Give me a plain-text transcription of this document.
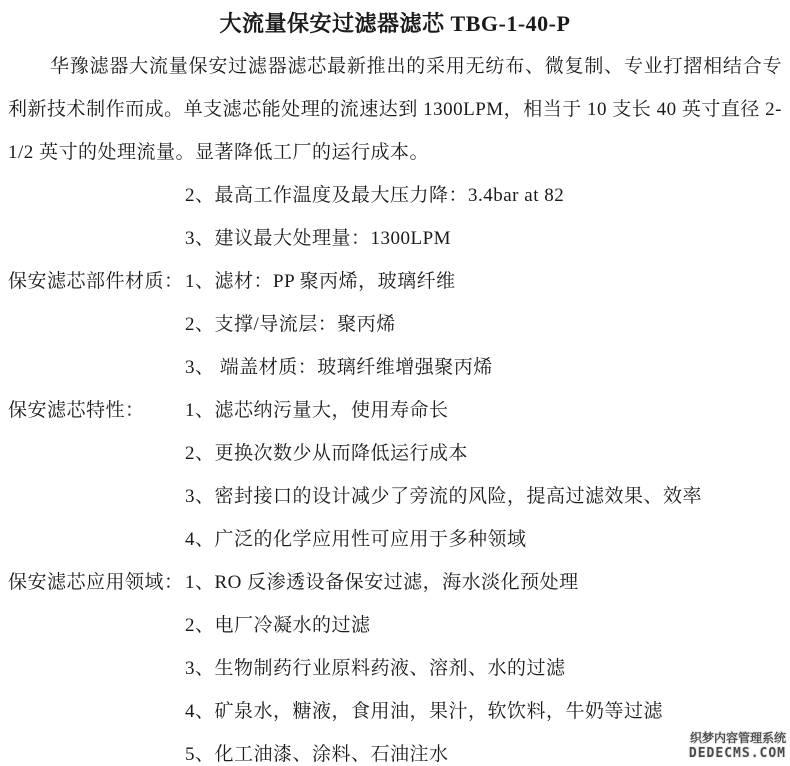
大流量保安过滤器滤芯 TBG-1-40-P
华豫滤器大流量保安过滤器滤芯最新推出的采用无纺布、微复制、专业打摺相结合专利新技术制作而成。单支滤芯能处理的流速达到 1300LPM，相当于 10 支长 40 英寸直径 2-1/2 英寸的处理流量。显著降低工厂的运行成本。
2、最高工作温度及最大压力降：3.4bar at 82
3、建议最大处理量：1300LPM
保安滤芯部件材质： 1、滤材：PP 聚丙烯，玻璃纤维
2、支撑/导流层：聚丙烯
3、 端盖材质：玻璃纤维增强聚丙烯
保安滤芯特性：	1、滤芯纳污量大，使用寿命长
2、更换次数少从而降低运行成本
3、密封接口的设计减少了旁流的风险，提高过滤效果、效率
4、广泛的化学应用性可应用于多种领域
保安滤芯应用领域： 1、RO 反渗透设备保安过滤，海水淡化预处理
2、电厂冷凝水的过滤
3、生物制药行业原料药液、溶剂、水的过滤
4、矿泉水，糖液，食用油，果汁，软饮料，牛奶等过滤
5、化工油漆、涂料、石油注水
织梦内容管理系统
DEDECMS.COM
